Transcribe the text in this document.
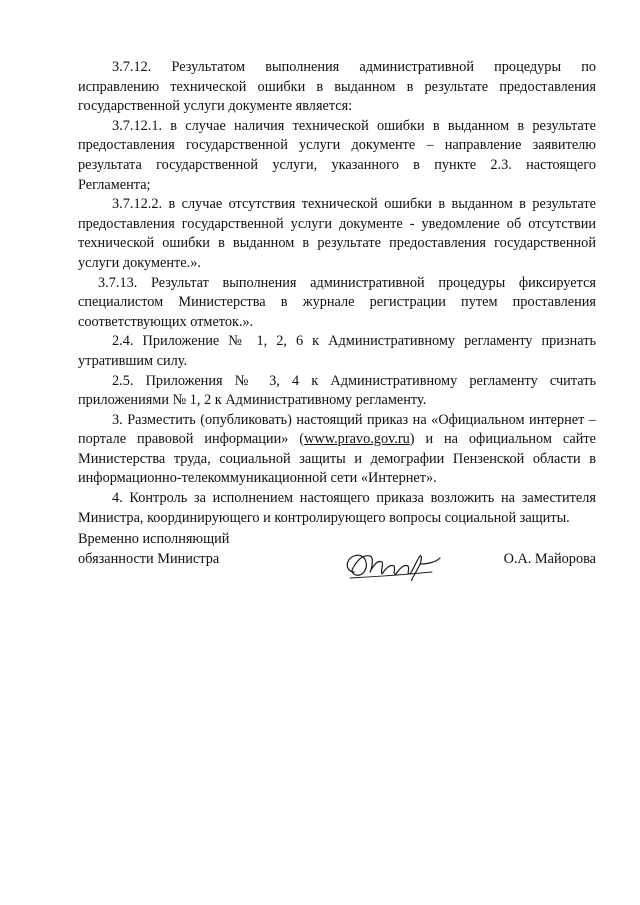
3.7.12. Результатом выполнения административной процедуры по исправлению технической ошибки в выданном в результате предоставления государственной услуги документе является:

3.7.12.1. в случае наличия технической ошибки в выданном в результате предоставления государственной услуги документе – направление заявителю результата государственной услуги, указанного в пункте 2.3. настоящего Регламента;

3.7.12.2. в случае отсутствия технической ошибки в выданном в результате предоставления государственной услуги документе - уведомление об отсутствии технической ошибки в выданном в результате предоставления государственной услуги документе.».

3.7.13. Результат выполнения административной процедуры фиксируется специалистом Министерства в журнале регистрации путем проставления соответствующих отметок.».

2.4. Приложение № 1, 2, 6 к Административному регламенту признать утратившим силу.

2.5. Приложения № 3, 4 к Административному регламенту считать приложениями № 1, 2 к Административному регламенту.

3. Разместить (опубликовать) настоящий приказ на «Официальном интернет – портале правовой информации» (www.pravo.gov.ru) и на официальном сайте Министерства труда, социальной защиты и демографии Пензенской области в информационно-телекоммуникационной сети «Интернет».

4. Контроль за исполнением настоящего приказа возложить на заместителя Министра, координирующего и контролирующего вопросы социальной защиты.

Временно исполняющий
обязанности Министра	О.А. Майорова
